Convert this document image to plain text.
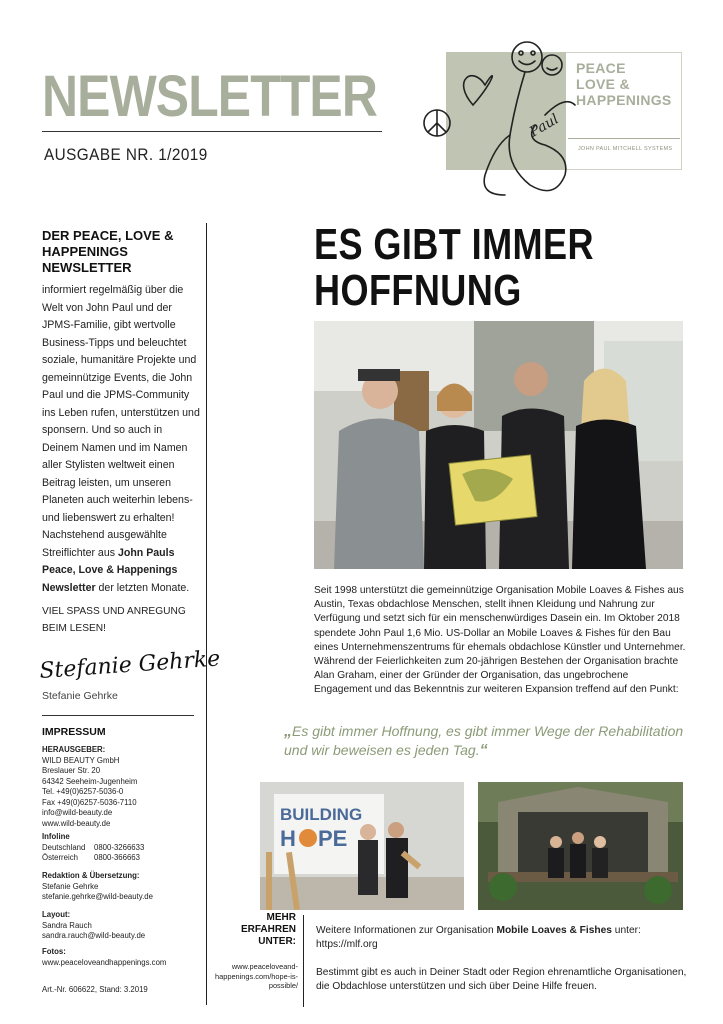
NEWSLETTER
AUSGABE NR. 1/2019
PEACE
LOVE &
HAPPENINGS
JOHN PAUL MITCHELL SYSTEMS
Paul
DER PEACE, LOVE & HAPPENINGS NEWSLETTER
informiert regelmäßig über die Welt von John Paul und der JPMS-Familie, gibt wertvolle Business-Tipps und beleuchtet soziale, humanitäre Projekte und gemeinnützige Events, die John Paul und die JPMS-Community ins Leben rufen, unterstützen und sponsern. Und so auch in Deinem Namen und im Namen aller Stylisten weltweit einen Beitrag leisten, um unseren Planeten auch weiterhin lebens- und liebenswert zu erhalten! Nachstehend ausgewählte Streiflichter aus John Pauls Peace, Love & Happenings Newsletter der letzten Monate.
VIEL SPASS UND ANREGUNG BEIM LESEN!
Stefanie Gehrke
Stefanie Gehrke
IMPRESSUM
HERAUSGEBER:
WILD BEAUTY GmbH
Breslauer Str. 20
64342 Seeheim-Jugenheim
Tel. +49(0)6257-5036-0
Fax +49(0)6257-5036-7110
info@wild-beauty.de
www.wild-beauty.de
Infoline
Deutschland	0800-3266633
Österreich	0800-366663
Redaktion & Übersetzung:
Stefanie Gehrke
stefanie.gehrke@wild-beauty.de
Layout:
Sandra Rauch
sandra.rauch@wild-beauty.de
Fotos:
www.peaceloveandhappenings.com
Art.-Nr. 606622, Stand: 3.2019
ES GIBT IMMER HOFFNUNG
Seit 1998 unterstützt die gemeinnützige Organisation Mobile Loaves & Fishes aus Austin, Texas obdachlose Menschen, stellt ihnen Kleidung und Nahrung zur Verfügung und setzt sich für ein menschenwürdiges Dasein ein. Im Oktober 2018 spendete John Paul 1,6 Mio. US-Dollar an Mobile Loaves & Fishes für den Bau eines Unternehmenszentrums für ehemals obdachlose Künstler und Unternehmer.
Während der Feierlichkeiten zum 20-jährigen Bestehen der Organisation brachte Alan Graham, einer der Gründer der Organisation, das ungebrochene Engagement und das Bekenntnis zur weiteren Expansion treffend auf den Punkt:
„Es gibt immer Hoffnung, es gibt immer Wege der Rehabilitation und wir beweisen es jeden Tag.“
BUILDING
H PE
MEHR ERFAHREN UNTER:
www.peaceloveand-happenings.com/hope-is-possible/
Weitere Informationen zur Organisation Mobile Loaves & Fishes unter: https://mlf.org
Bestimmt gibt es auch in Deiner Stadt oder Region ehrenamtliche Organisationen, die Obdachlose unterstützen und sich über Deine Hilfe freuen.
